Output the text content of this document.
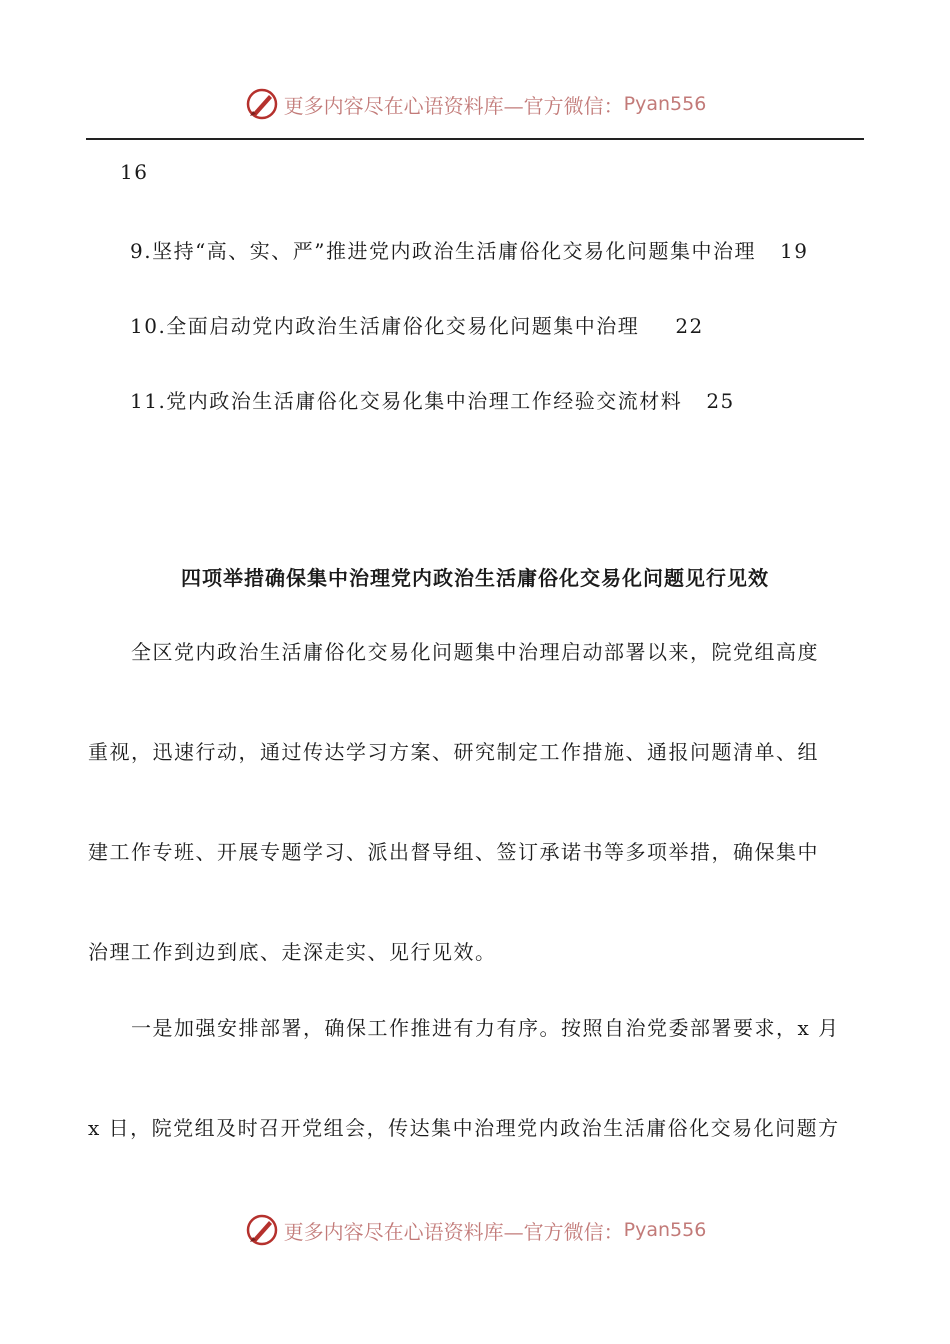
更多内容尽在心语资料库—官方微信： Pyan556
16
9.坚持“高、实、严”推进党内政治生活庸俗化交易化问题集中治理 19
10.全面启动党内政治生活庸俗化交易化问题集中治理 22
11.党内政治生活庸俗化交易化集中治理工作经验交流材料 25
四项举措确保集中治理党内政治生活庸俗化交易化问题见行见效
　　全区党内政治生活庸俗化交易化问题集中治理启动部署以来，院党组高度
重视，迅速行动，通过传达学习方案、研究制定工作措施、通报问题清单、组
建工作专班、开展专题学习、派出督导组、签订承诺书等多项举措，确保集中
治理工作到边到底、走深走实、见行见效。
　　一是加强安排部署，确保工作推进有力有序。按照自治党委部署要求，x 月
x 日，院党组及时召开党组会，传达集中治理党内政治生活庸俗化交易化问题方
更多内容尽在心语资料库—官方微信： Pyan556
